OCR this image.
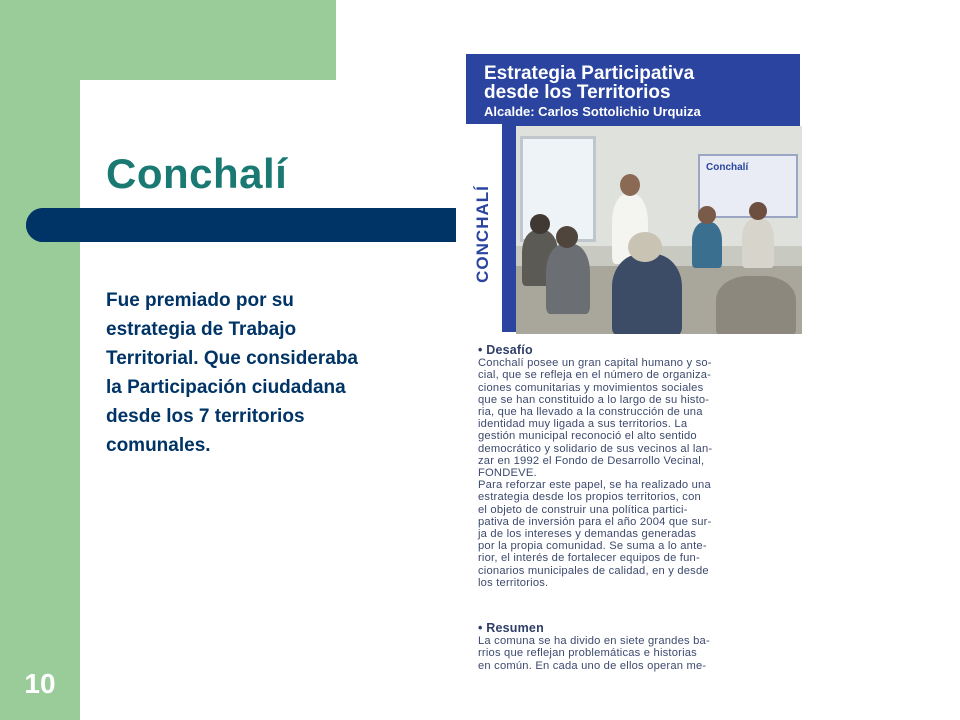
10
Conchalí
Fue premiado por su
estrategia de Trabajo
Territorial. Que consideraba
la Participación ciudadana
desde los 7 territorios
comunales.
Estrategia Participativa
desde los Territorios
Alcalde: Carlos Sottolichio Urquiza
CONCHALÍ
Conchalí
• Desafío
Conchalí posee un gran capital humano y so-
cial, que se refleja en el número de organiza-
ciones comunitarias y movimientos sociales
que se han constituido a lo largo de su histo-
ria, que ha llevado a la construcción de una
identidad muy ligada a sus territorios. La
gestión municipal reconoció el alto sentido
democrático y solidario de sus vecinos al lan-
zar en 1992 el Fondo de Desarrollo Vecinal,
FONDEVE.
Para reforzar este papel, se ha realizado una
estrategia desde los propios territorios, con
el objeto de construir una política partici-
pativa de inversión para el año 2004 que sur-
ja de los intereses y demandas generadas
por la propia comunidad. Se suma a lo ante-
rior, el interés de fortalecer equipos de fun-
cionarios municipales de calidad, en y desde
los territorios.
• Resumen
La comuna se ha divido en siete grandes ba-
rrios que reflejan problemáticas e historias
en común. En cada uno de ellos operan me-
